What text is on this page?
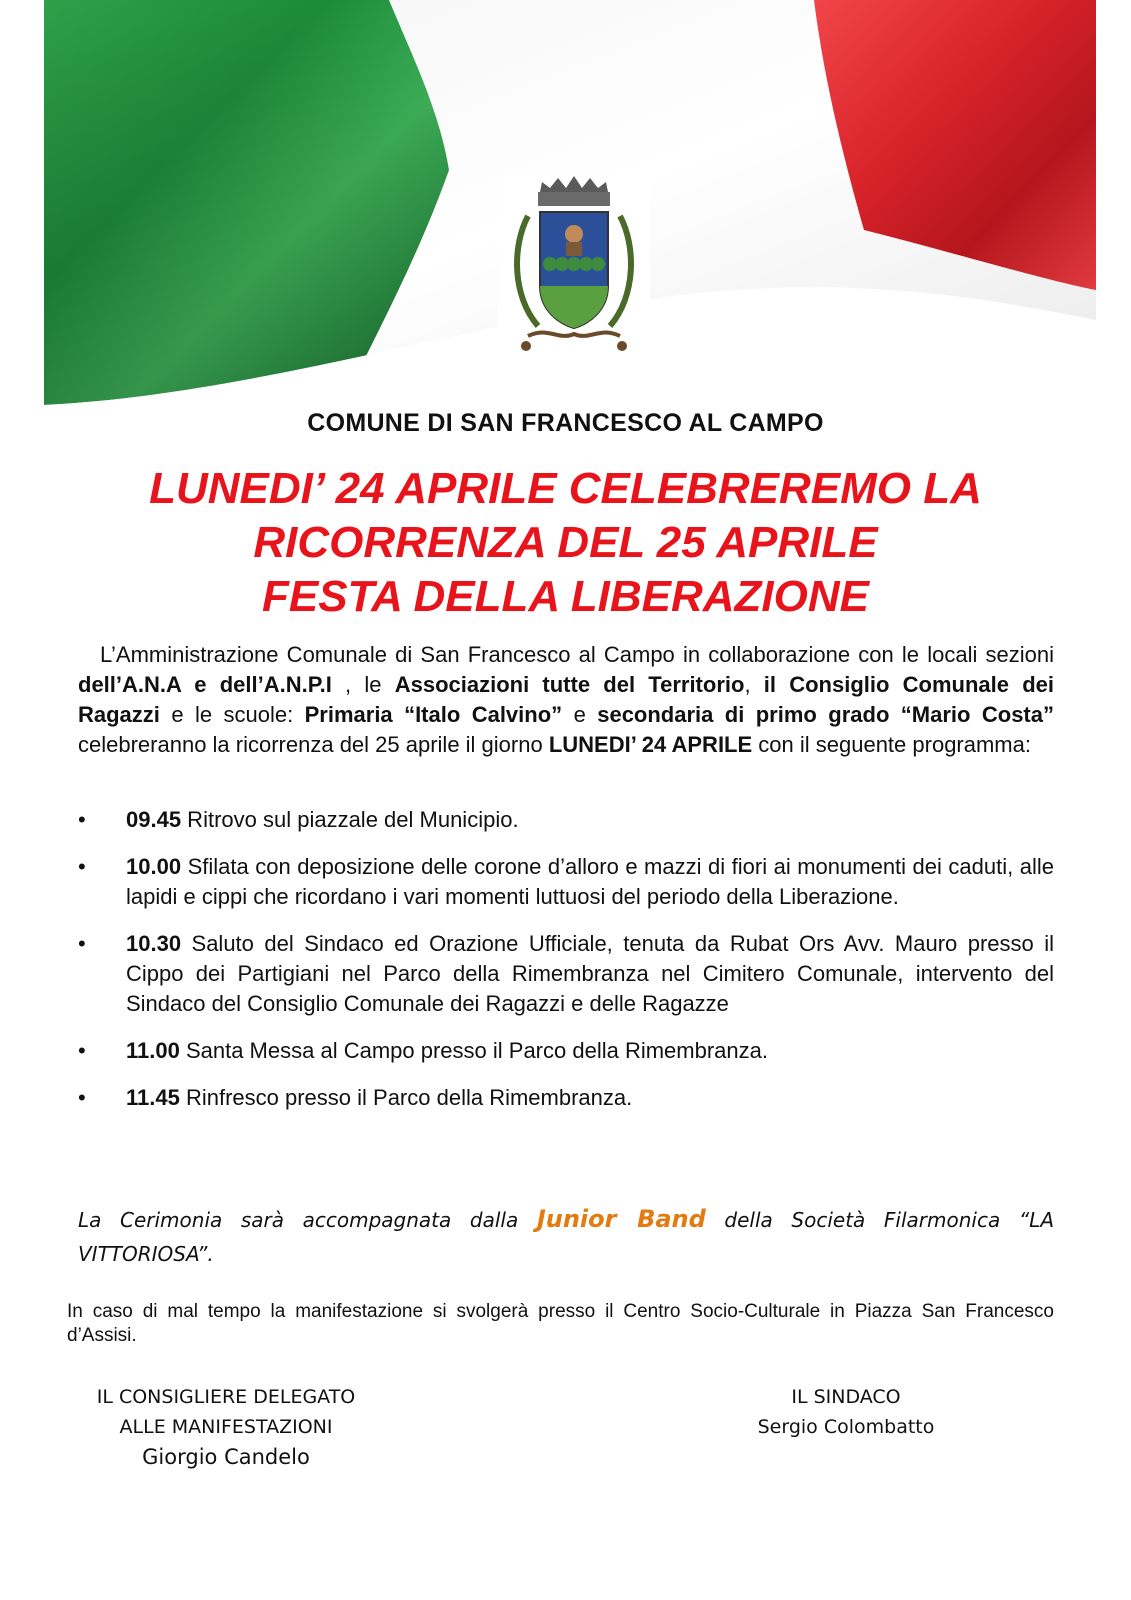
COMUNE DI SAN FRANCESCO AL CAMPO
LUNEDI’ 24 APRILE CELEBREREMO LA
RICORRENZA DEL 25 APRILE
FESTA DELLA LIBERAZIONE
L’Amministrazione Comunale di San Francesco al Campo in collaborazione con le locali sezioni dell’A.N.A e dell’A.N.P.I , le Associazioni tutte del Territorio, il Consiglio Comunale dei Ragazzi e le scuole: Primaria “Italo Calvino” e secondaria di primo grado “Mario Costa” celebreranno la ricorrenza del 25 aprile il giorno LUNEDI’ 24 APRILE con il seguente programma:
• 09.45 Ritrovo sul piazzale del Municipio.
• 10.00 Sfilata con deposizione delle corone d’alloro e mazzi di fiori ai monumenti dei caduti, alle lapidi e cippi che ricordano i vari momenti luttuosi del periodo della Liberazione.
• 10.30 Saluto del Sindaco ed Orazione Ufficiale, tenuta da Rubat Ors Avv. Mauro presso il Cippo dei Partigiani nel Parco della Rimembranza nel Cimitero Comunale, intervento del Sindaco del Consiglio Comunale dei Ragazzi e delle Ragazze
• 11.00 Santa Messa al Campo presso il Parco della Rimembranza.
• 11.45 Rinfresco presso il Parco della Rimembranza.
La Cerimonia sarà accompagnata dalla Junior Band della Società Filarmonica “LA VITTORIOSA”.
In caso di mal tempo la manifestazione si svolgerà presso il Centro Socio-Culturale in Piazza San Francesco d’Assisi.
IL CONSIGLIERE DELEGATO
ALLE MANIFESTAZIONI
Giorgio Candelo
IL SINDACO
Sergio Colombatto
